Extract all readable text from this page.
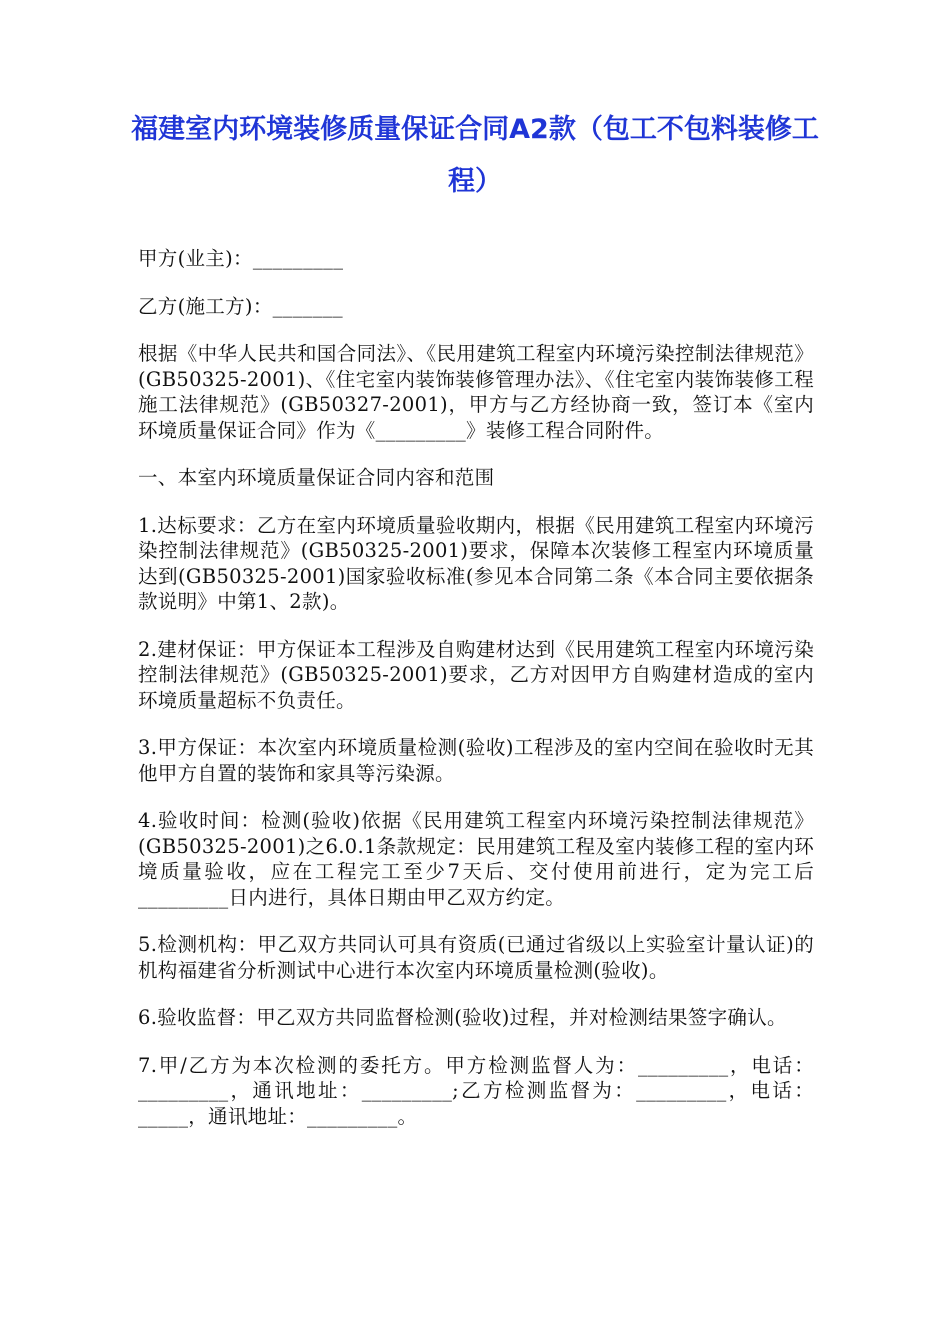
福建室内环境装修质量保证合同A2款（包工不包料装修工程）

甲方(业主)：_________

乙方(施工方)：_______

根据《中华人民共和国合同法》、《民用建筑工程室内环境污染控制法律规范》(GB50325-2001)、《住宅室内装饰装修管理办法》、《住宅室内装饰装修工程施工法律规范》(GB50327-2001)，甲方与乙方经协商一致，签订本《室内环境质量保证合同》作为《_________》装修工程合同附件。

一、本室内环境质量保证合同内容和范围

1.达标要求：乙方在室内环境质量验收期内，根据《民用建筑工程室内环境污染控制法律规范》(GB50325-2001)要求，保障本次装修工程室内环境质量达到(GB50325-2001)国家验收标准(参见本合同第二条《本合同主要依据条款说明》中第1、2款)。

2.建材保证：甲方保证本工程涉及自购建材达到《民用建筑工程室内环境污染控制法律规范》(GB50325-2001)要求，乙方对因甲方自购建材造成的室内环境质量超标不负责任。

3.甲方保证：本次室内环境质量检测(验收)工程涉及的室内空间在验收时无其他甲方自置的装饰和家具等污染源。

4.验收时间：检测(验收)依据《民用建筑工程室内环境污染控制法律规范》(GB50325-2001)之6.0.1条款规定：民用建筑工程及室内装修工程的室内环境质量验收，应在工程完工至少7天后、交付使用前进行，定为完工后_________日内进行，具体日期由甲乙双方约定。

5.检测机构：甲乙双方共同认可具有资质(已通过省级以上实验室计量认证)的机构福建省分析测试中心进行本次室内环境质量检测(验收)。

6.验收监督：甲乙双方共同监督检测(验收)过程，并对检测结果签字确认。

7.甲/乙方为本次检测的委托方。甲方检测监督人为：_________，电话：_________，通讯地址：_________;乙方检测监督为：_________，电话：_____，通讯地址：_________。
